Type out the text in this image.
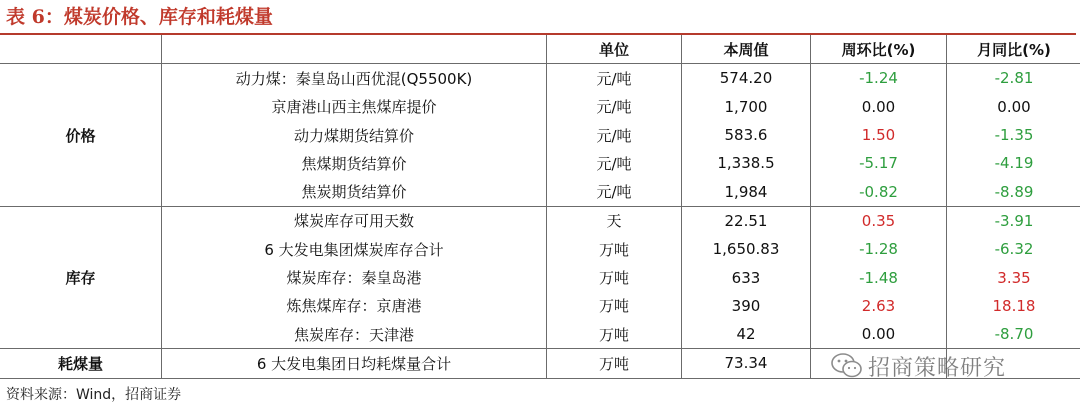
表 6：煤炭价格、库存和耗煤量
		单位	本周值	周环比(%)	月同比(%)
价格	动力煤：秦皇岛山西优混(Q5500K)	元/吨	574.20	-1.24	-2.81
	京唐港山西主焦煤库提价	元/吨	1,700	0.00	0.00
	动力煤期货结算价	元/吨	583.6	1.50	-1.35
	焦煤期货结算价	元/吨	1,338.5	-5.17	-4.19
	焦炭期货结算价	元/吨	1,984	-0.82	-8.89
库存	煤炭库存可用天数	天	22.51	0.35	-3.91
	6 大发电集团煤炭库存合计	万吨	1,650.83	-1.28	-6.32
	煤炭库存：秦皇岛港	万吨	633	-1.48	3.35
	炼焦煤库存：京唐港	万吨	390	2.63	18.18
	焦炭库存：天津港	万吨	42	0.00	-8.70
耗煤量	6 大发电集团日均耗煤量合计	万吨	73.34		
资料来源：Wind，招商证券
招商策略研究
